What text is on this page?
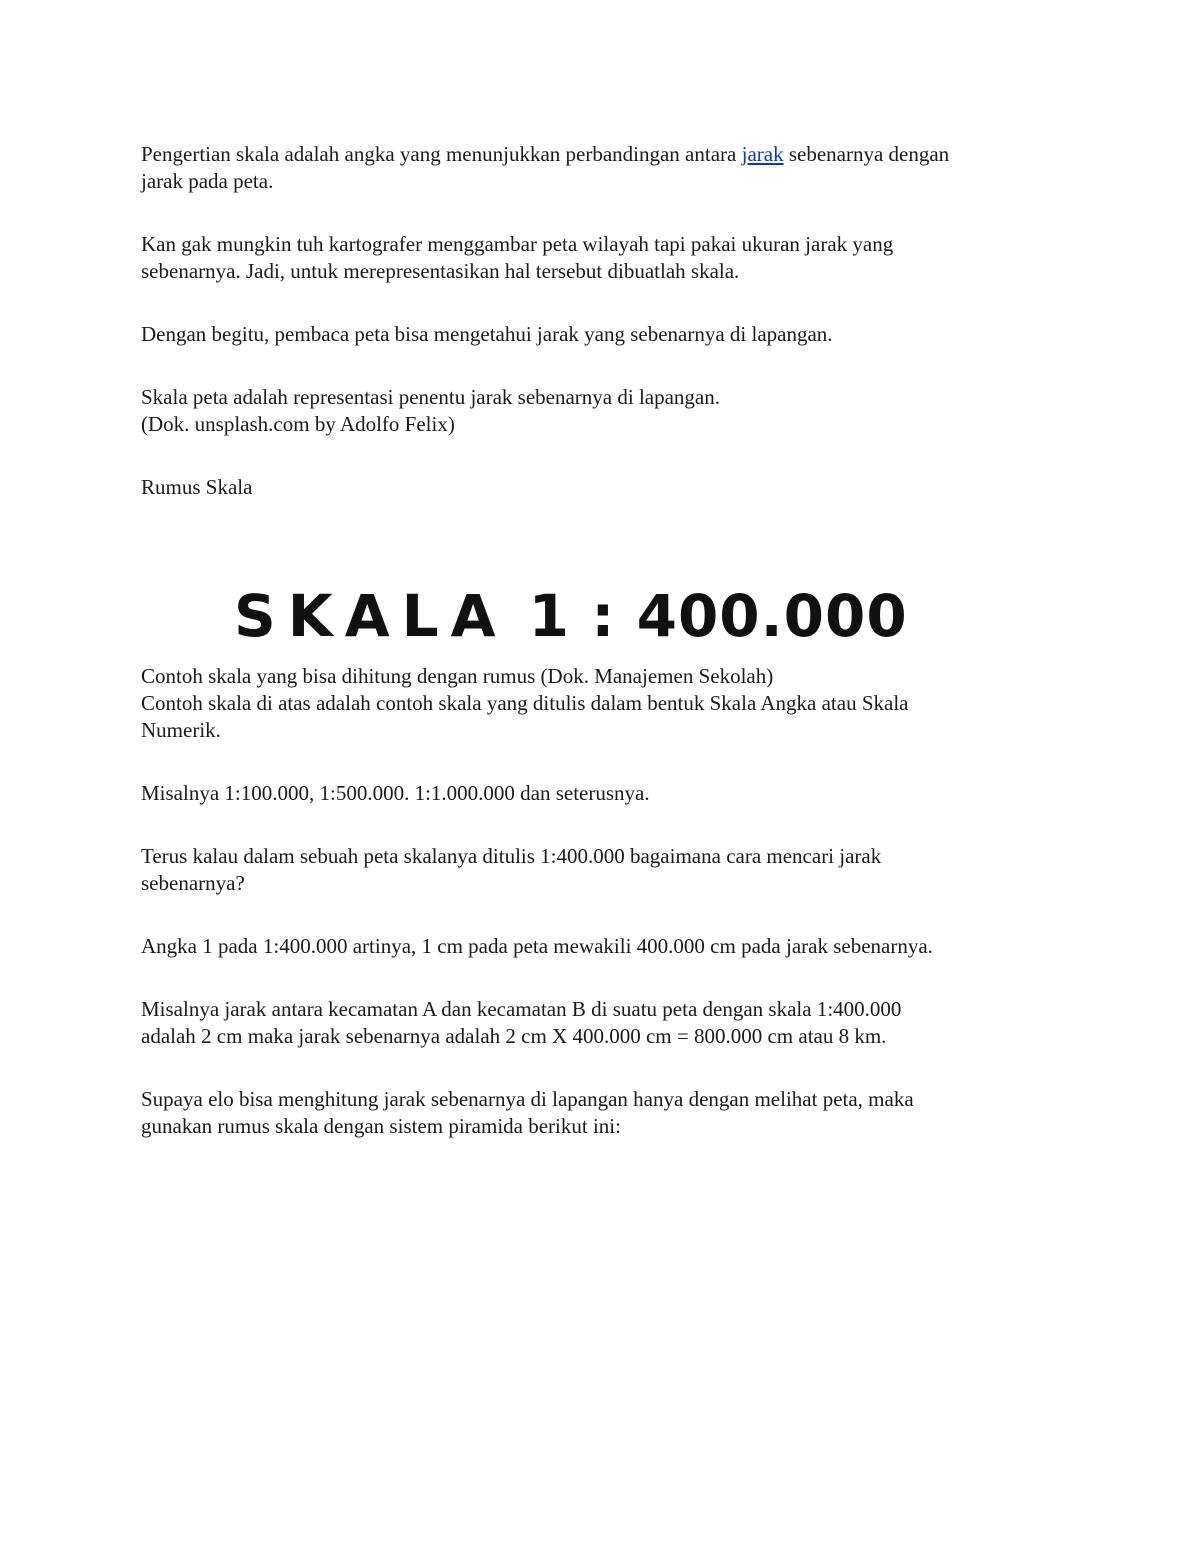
Pengertian skala adalah angka yang menunjukkan perbandingan antara jarak sebenarnya dengan
jarak pada peta.

Kan gak mungkin tuh kartografer menggambar peta wilayah tapi pakai ukuran jarak yang
sebenarnya. Jadi, untuk merepresentasikan hal tersebut dibuatlah skala.

Dengan begitu, pembaca peta bisa mengetahui jarak yang sebenarnya di lapangan.

Skala peta adalah representasi penentu jarak sebenarnya di lapangan.
(Dok. unsplash.com by Adolfo Felix)

Rumus Skala

SKALA 1 : 400.000

Contoh skala yang bisa dihitung dengan rumus (Dok. Manajemen Sekolah)
Contoh skala di atas adalah contoh skala yang ditulis dalam bentuk Skala Angka atau Skala
Numerik.

Misalnya 1:100.000, 1:500.000. 1:1.000.000 dan seterusnya.

Terus kalau dalam sebuah peta skalanya ditulis 1:400.000 bagaimana cara mencari jarak
sebenarnya?

Angka 1 pada 1:400.000 artinya, 1 cm pada peta mewakili 400.000 cm pada jarak sebenarnya.

Misalnya jarak antara kecamatan A dan kecamatan B di suatu peta dengan skala 1:400.000
adalah 2 cm maka jarak sebenarnya adalah 2 cm X 400.000 cm = 800.000 cm atau 8 km.

Supaya elo bisa menghitung jarak sebenarnya di lapangan hanya dengan melihat peta, maka
gunakan rumus skala dengan sistem piramida berikut ini:
